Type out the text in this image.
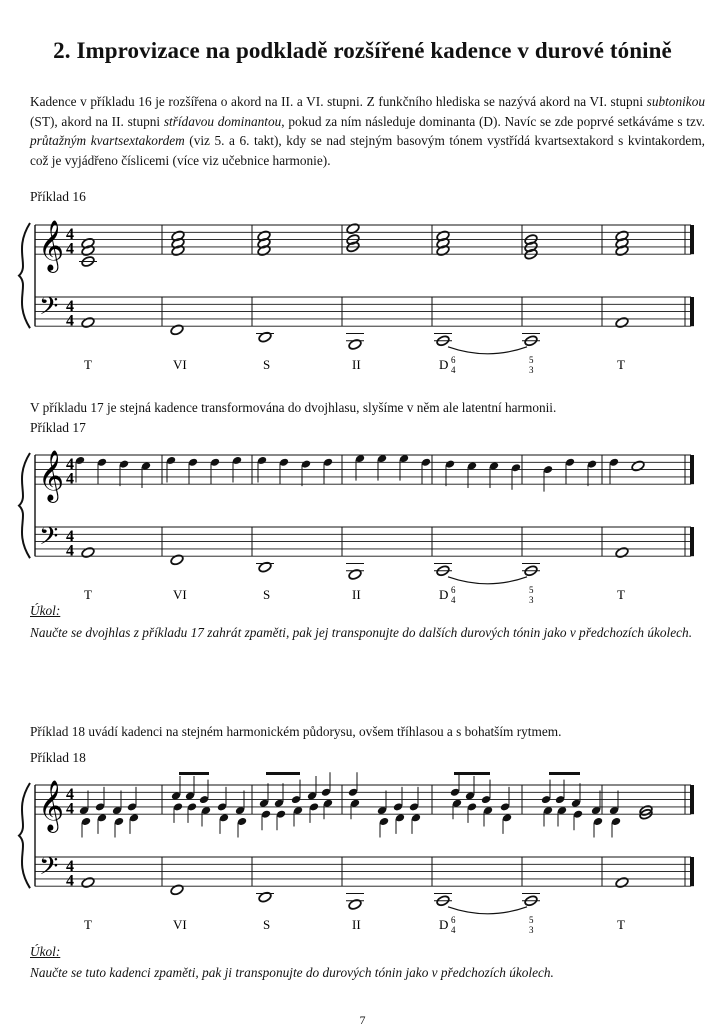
2. Improvizace na podkladě rozšířené kadence v durové tónině

Kadence v příkladu 16 je rozšířena o akord na II. a VI. stupni. Z funkčního hlediska se nazývá akord na VI. stupni subtonikou (ST), akord na II. stupni střídavou dominantou, pokud za ním následuje dominanta (D). Navíc se zde poprvé setkáváme s tzv. průtažným kvartsextakordem (viz 5. a 6. takt), kdy se nad stejným basovým tónem vystřídá kvartsextakord s kvintakordem, což je vyjádřeno číslicemi (více viz učebnice harmonie).

Příklad 16
𝄞
𝄢
4
4
4
4
T	VI	S	II	D 6
4
5
3	T

V příkladu 17 je stejná kadence transformována do dvojhlasu, slyšíme v něm ale latentní harmonii.

Příklad 17
𝄞
𝄢
4
4
4
4
T	VI	S	II	D 6
4
5
3	T
Úkol:

Naučte se dvojhlas z příkladu 17 zahrát zpaměti, pak jej transponujte do dalších durových tónin jako v předchozích úkolech.

Příklad 18 uvádí kadenci na stejném harmonickém půdorysu, ovšem tříhlasou a s bohatším rytmem.

Příklad 18
𝄞
𝄢
4
4
4
4
T	VI	S	II	D 6
4
5
3	T
Úkol:

Naučte se tuto kadenci zpaměti, pak ji transponujte do durových tónin jako v předchozích úkolech.

7
